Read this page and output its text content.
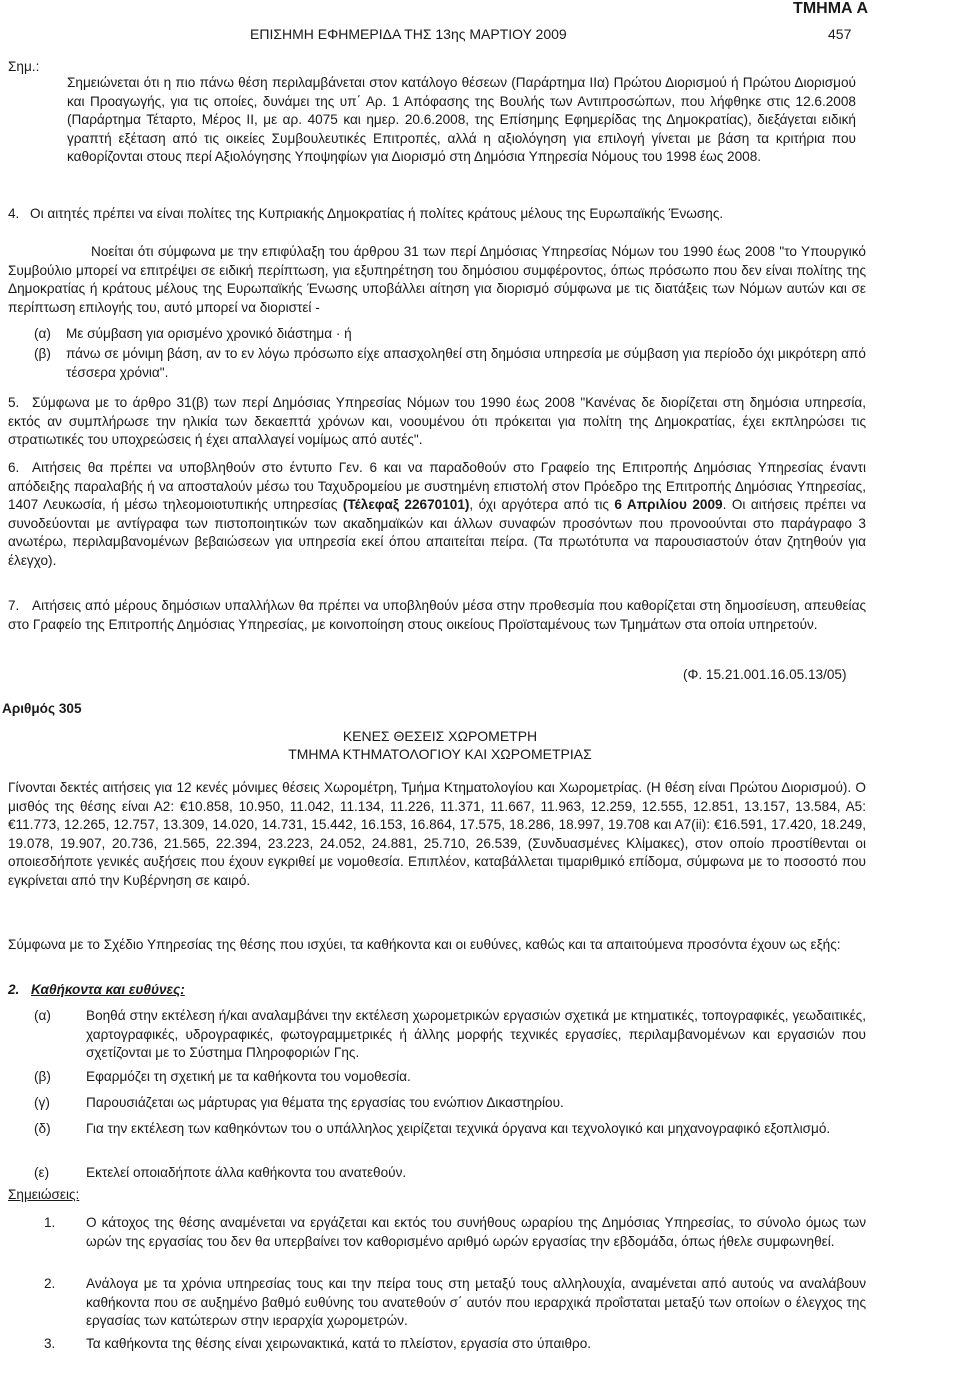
ΤΜΗΜΑ Α
ΕΠΙΣΗΜΗ ΕΦΗΜΕΡΙΔΑ ΤΗΣ 13ης ΜΑΡΤΙΟΥ 2009	457
Σημ.:
Σημειώνεται ότι η πιο πάνω θέση περιλαμβάνεται στον κατάλογο θέσεων (Παράρτημα IIα) Πρώτου Διορισμού ή Πρώτου Διορισμού και Προαγωγής, για τις οποίες, δυνάμει της υπ΄ Αρ. 1 Απόφασης της Βουλής των Αντιπροσώπων, που λήφθηκε στις 12.6.2008 (Παράρτημα Τέταρτο, Μέρος II, με αρ. 4075 και ημερ. 20.6.2008, της Επίσημης Εφημερίδας της Δημοκρατίας), διεξάγεται ειδική γραπτή εξέταση από τις οικείες Συμβουλευτικές Επιτροπές, αλλά η αξιολόγηση για επιλογή γίνεται με βάση τα κριτήρια που καθορίζονται στους περί Αξιολόγησης Υποψηφίων για Διορισμό στη Δημόσια Υπηρεσία Νόμους του 1998 έως 2008.
4. Οι αιτητές πρέπει να είναι πολίτες της Κυπριακής Δημοκρατίας ή πολίτες κράτους μέλους της Ευρωπαϊκής Ένωσης.
Νοείται ότι σύμφωνα με την επιφύλαξη του άρθρου 31 των περί Δημόσιας Υπηρεσίας Νόμων του 1990 έως 2008 "το Υπουργικό Συμβούλιο μπορεί να επιτρέψει σε ειδική περίπτωση, για εξυπηρέτηση του δημόσιου συμφέροντος, όπως πρόσωπο που δεν είναι πολίτης της Δημοκρατίας ή κράτους μέλους της Ευρωπαϊκής Ένωσης υποβάλλει αίτηση για διορισμό σύμφωνα με τις διατάξεις των Νόμων αυτών και σε περίπτωση επιλογής του, αυτό μπορεί να διοριστεί -
(α) Με σύμβαση για ορισμένο χρονικό διάστημα · ή
(β) πάνω σε μόνιμη βάση, αν το εν λόγω πρόσωπο είχε απασχοληθεί στη δημόσια υπηρεσία με σύμβαση για περίοδο όχι μικρότερη από τέσσερα χρόνια".
5. Σύμφωνα με το άρθρο 31(β) των περί Δημόσιας Υπηρεσίας Νόμων του 1990 έως 2008 "Κανένας δε διορίζεται στη δημόσια υπηρεσία, εκτός αν συμπλήρωσε την ηλικία των δεκαεπτά χρόνων και, νοουμένου ότι πρόκειται για πολίτη της Δημοκρατίας, έχει εκπληρώσει τις στρατιωτικές του υποχρεώσεις ή έχει απαλλαγεί νομίμως από αυτές".
6. Αιτήσεις θα πρέπει να υποβληθούν στο έντυπο Γεν. 6 και να παραδοθούν στο Γραφείο της Επιτροπής Δημόσιας Υπηρεσίας έναντι απόδειξης παραλαβής ή να αποσταλούν μέσω του Ταχυδρομείου με συστημένη επιστολή στον Πρόεδρο της Επιτροπής Δημόσιας Υπηρεσίας, 1407 Λευκωσία, ή μέσω τηλεομοιοτυπικής υπηρεσίας (Τέλεφαξ 22670101), όχι αργότερα από τις 6 Απριλίου 2009. Οι αιτήσεις πρέπει να συνοδεύονται με αντίγραφα των πιστοποιητικών των ακαδημαϊκών και άλλων συναφών προσόντων που προνοούνται στο παράγραφο 3 ανωτέρω, περιλαμβανομένων βεβαιώσεων για υπηρεσία εκεί όπου απαιτείται πείρα. (Τα πρωτότυπα να παρουσιαστούν όταν ζητηθούν για έλεγχο).
7. Αιτήσεις από μέρους δημόσιων υπαλλήλων θα πρέπει να υποβληθούν μέσα στην προθεσμία που καθορίζεται στη δημοσίευση, απευθείας στο Γραφείο της Επιτροπής Δημόσιας Υπηρεσίας, με κοινοποίηση στους οικείους Προϊσταμένους των Τμημάτων στα οποία υπηρετούν.
(Φ. 15.21.001.16.05.13/05)
Αριθμός 305
ΚΕΝΕΣ ΘΕΣΕΙΣ ΧΩΡΟΜΕΤΡΗ
ΤΜΗΜΑ ΚΤΗΜΑΤΟΛΟΓΙΟΥ ΚΑΙ ΧΩΡΟΜΕΤΡΙΑΣ
Γίνονται δεκτές αιτήσεις για 12 κενές μόνιμες θέσεις Χωρομέτρη, Τμήμα Κτηματολογίου και Χωρομετρίας. (Η θέση είναι Πρώτου Διορισμού). Ο μισθός της θέσης είναι Α2: €10.858, 10.950, 11.042, 11.134, 11.226, 11.371, 11.667, 11.963, 12.259, 12.555, 12.851, 13.157, 13.584, Α5: €11.773, 12.265, 12.757, 13.309, 14.020, 14.731, 15.442, 16.153, 16.864, 17.575, 18.286, 18.997, 19.708 και Α7(ii): €16.591, 17.420, 18.249, 19.078, 19.907, 20.736, 21.565, 22.394, 23.223, 24.052, 24.881, 25.710, 26.539, (Συνδυασμένες Κλίμακες), στον οποίο προστίθενται οι οποιεσδήποτε γενικές αυξήσεις που έχουν εγκριθεί με νομοθεσία. Επιπλέον, καταβάλλεται τιμαριθμικό επίδομα, σύμφωνα με το ποσοστό που εγκρίνεται από την Κυβέρνηση σε καιρό.
Σύμφωνα με το Σχέδιο Υπηρεσίας της θέσης που ισχύει, τα καθήκοντα και οι ευθύνες, καθώς και τα απαιτούμενα προσόντα έχουν ως εξής:
2. Καθήκοντα και ευθύνες:
(α)	Βοηθά στην εκτέλεση ή/και αναλαμβάνει την εκτέλεση χωρομετρικών εργασιών σχετικά με κτηματικές, τοπογραφικές, γεωδαιτικές, χαρτογραφικές, υδρογραφικές, φωτογραμμετρικές ή άλλης μορφής τεχνικές εργασίες, περιλαμβανομένων και εργασιών που σχετίζονται με το Σύστημα Πληροφοριών Γης.
(β)	Εφαρμόζει τη σχετική με τα καθήκοντα του νομοθεσία.
(γ)	Παρουσιάζεται ως μάρτυρας για θέματα της εργασίας του ενώπιον Δικαστηρίου.
(δ)	Για την εκτέλεση των καθηκόντων του ο υπάλληλος χειρίζεται τεχνικά όργανα και τεχνολογικό και μηχανογραφικό εξοπλισμό.
(ε)	Εκτελεί οποιαδήποτε άλλα καθήκοντα του ανατεθούν.
Σημειώσεις:
1. Ο κάτοχος της θέσης αναμένεται να εργάζεται και εκτός του συνήθους ωραρίου της Δημόσιας Υπηρεσίας, το σύνολο όμως των ωρών της εργασίας του δεν θα υπερβαίνει τον καθορισμένο αριθμό ωρών εργασίας την εβδομάδα, όπως ήθελε συμφωνηθεί.
2. Ανάλογα με τα χρόνια υπηρεσίας τους και την πείρα τους στη μεταξύ τους αλληλουχία, αναμένεται από αυτούς να αναλάβουν καθήκοντα που σε αυξημένο βαθμό ευθύνης του ανατεθούν σ΄ αυτόν που ιεραρχικά προΐσταται μεταξύ των οποίων ο έλεγχος της εργασίας των κατώτερων στην ιεραρχία χωρομετρών.
3. Τα καθήκοντα της θέσης είναι χειρωνακτικά, κατά το πλείστον, εργασία στο ύπαιθρο.
